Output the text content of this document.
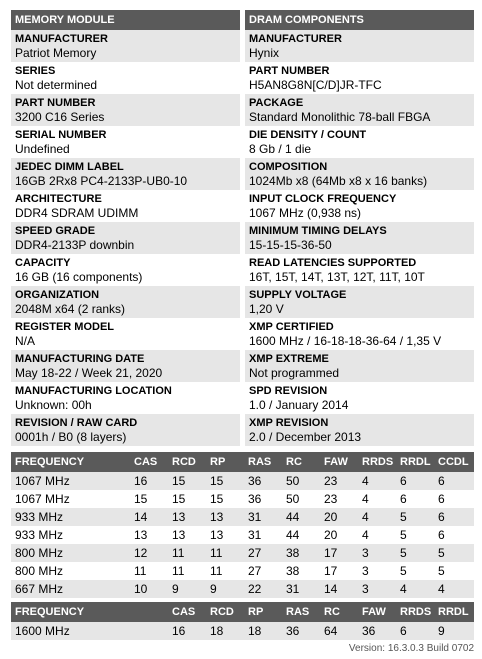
MEMORY MODULE
MANUFACTURER
Patriot Memory
SERIES
Not determined
PART NUMBER
3200 C16 Series
SERIAL NUMBER
Undefined
JEDEC DIMM LABEL
16GB 2Rx8 PC4-2133P-UB0-10
ARCHITECTURE
DDR4 SDRAM UDIMM
SPEED GRADE
DDR4-2133P downbin
CAPACITY
16 GB (16 components)
ORGANIZATION
2048M x64 (2 ranks)
REGISTER MODEL
N/A
MANUFACTURING DATE
May 18-22 / Week 21, 2020
MANUFACTURING LOCATION
Unknown: 00h
REVISION / RAW CARD
0001h / B0 (8 layers)
DRAM COMPONENTS
MANUFACTURER
Hynix
PART NUMBER
H5AN8G8N[C/D]JR-TFC
PACKAGE
Standard Monolithic 78-ball FBGA
DIE DENSITY / COUNT
8 Gb / 1 die
COMPOSITION
1024Mb x8 (64Mb x8 x 16 banks)
INPUT CLOCK FREQUENCY
1067 MHz (0,938 ns)
MINIMUM TIMING DELAYS
15-15-15-36-50
READ LATENCIES SUPPORTED
16T, 15T, 14T, 13T, 12T, 11T, 10T
SUPPLY VOLTAGE
1,20 V
XMP CERTIFIED
1600 MHz / 16-18-18-36-64 / 1,35 V
XMP EXTREME
Not programmed
SPD REVISION
1.0 / January 2014
XMP REVISION
2.0 / December 2013
FREQUENCY	CAS	RCD	RP	RAS	RC	FAW	RRDS	RRDL	CCDL
1067 MHz	16	15	15	36	50	23	4	6	6
1067 MHz	15	15	15	36	50	23	4	6	6
933 MHz	14	13	13	31	44	20	4	5	6
933 MHz	13	13	13	31	44	20	4	5	6
800 MHz	12	11	11	27	38	17	3	5	5
800 MHz	11	11	11	27	38	17	3	5	5
667 MHz	10	9	9	22	31	14	3	4	4
FREQUENCY	CAS	RCD	RP	RAS	RC	FAW	RRDS	RRDL
1600 MHz	16	18	18	36	64	36	6	9
Version: 16.3.0.3 Build 0702
